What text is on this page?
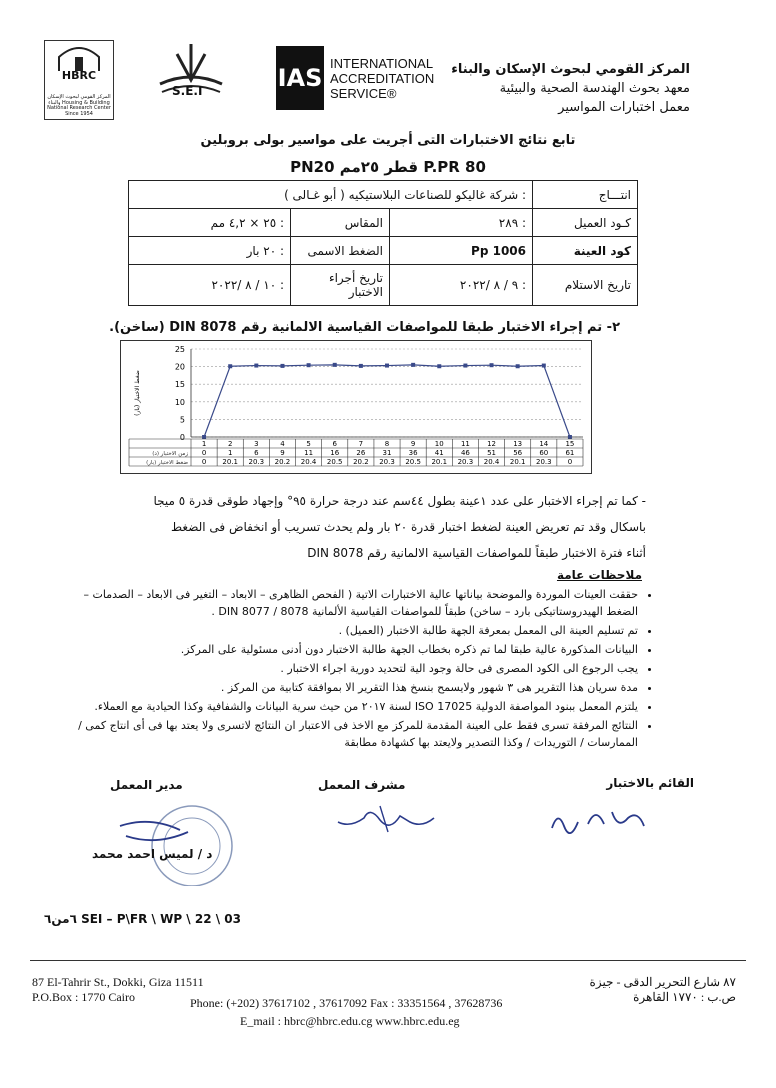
HBRC
المركز القومي لبحوث الإسكان والبناء Housing & Building National Research Center Since 1954
S.E.I	IAS
INTERNATIONAL
ACCREDITATION
SERVICE®
المركز القومي لبحوث الإسكان والبناء
معهد بحوث الهندسة الصحية والبيئية
معمل اختبارات المواسير
تابع نتائج الاختبارات التى أجريت على مواسير بولى بروبلين
P.PR 80 قطر ٢٥مم PN20
انتـــاج	: شركة غاليكو للصناعات البلاستيكيه ( أبو غـالى )		
كـود العميل	: ٢٨٩	المقاس	: ٢٥ × ٤,٢ مم
كود العينة	Pp 1006	الضغط الاسمى	: ٢٠ بار
تاريخ الاستلام	: ٩ / ٨ /٢٠٢٢	تاريخ أجراء الاختبار	: ١٠ / ٨ /٢٠٢٢
٢- تم إجراء الاختبار طبقا للمواصفات القياسية الالمانية رقم DIN 8078 (ساخن).
0
5
10
15
20
25
ضغط الاختبار (بار)
1	2	3	4	5	6	7	8	9	10 11 12 13 14 15
زمن الاختبار (د) 0	1	6	9	11 16 26 31 36 41 46 51 56 60 61
ضغط الاختبار (بار) 0 20.1 20.3 20.2 20.4 20.5 20.2 20.3 20.5 20.1 20.3 20.4 20.1 20.3 0
- كما تم إجراء الاختبار على عدد ١عينة بطول ٤٤سم عند درجة حرارة ٩٥° وإجهاد طوقى قدرة ٥ ميجا
باسكال وقد تم تعريض العينة لضغط اختبار قدرة ٢٠ بار ولم يحدث تسريب أو انخفاض فى الضغط
أثناء فترة الاختبار طبقاً للمواصفات القياسية الالمانية رقم DIN 8078
ملاحظات عامة
• حققت العينات الموردة والموضحة بياناتها عالية الاختبارات الاتية ( الفحص الظاهرى – الابعاد – التغير فى الابعاد – الصدمات – الضغط الهيدروستاتيكى بارد – ساخن) طبقاً للمواصفات القياسية الألمانية DIN 8077 / 8078 .
• تم تسليم العينة الى المعمل بمعرفة الجهة طالبة الاختبار (العميل) .
• البيانات المذكورة عالية طبقا لما تم ذكره بخطاب الجهة طالبة الاختبار دون أدنى مسئولية على المركز.
• يجب الرجوع الى الكود المصرى فى حالة وجود الية لتحديد دورية اجراء الاختبار .
• مدة سريان هذا التقرير هى ٣ شهور ولايسمح بنسخ هذا التقرير الا بموافقة كتابية من المركز .
• يلتزم المعمل ببنود المواصفة الدولية ISO 17025 لسنة ٢٠١٧ من حيث سرية البيانات والشفافية وكذا الحيادية مع العملاء.
• النتائج المرفقة تسرى فقط على العينة المقدمة للمركز مع الاخذ فى الاعتبار ان النتائج لاتسرى ولا يعتد بها فى أى انتاج كمى / الممارسات / التوريدات / وكذا التصدير ولايعتد بها كشهادة مطابقة
القائم بالاختبار
مشرف المعمل
مدير المعمل
د / لميس احمد محمد
٦من٦ SEI – P\FR \ WP \ 22 \ 03
87 El-Tahrir St., Dokki, Giza 11511
P.O.Box : 1770 Cairo	Phone: (+202) 37617102 , 37617092 Fax : 33351564 , 37628736
E_mail : hbrc@hbrc.edu.cg www.hbrc.edu.eg
٨٧ شارع التحرير الدقى - جيزة
ص.ب : ١٧٧٠ القاهرة
